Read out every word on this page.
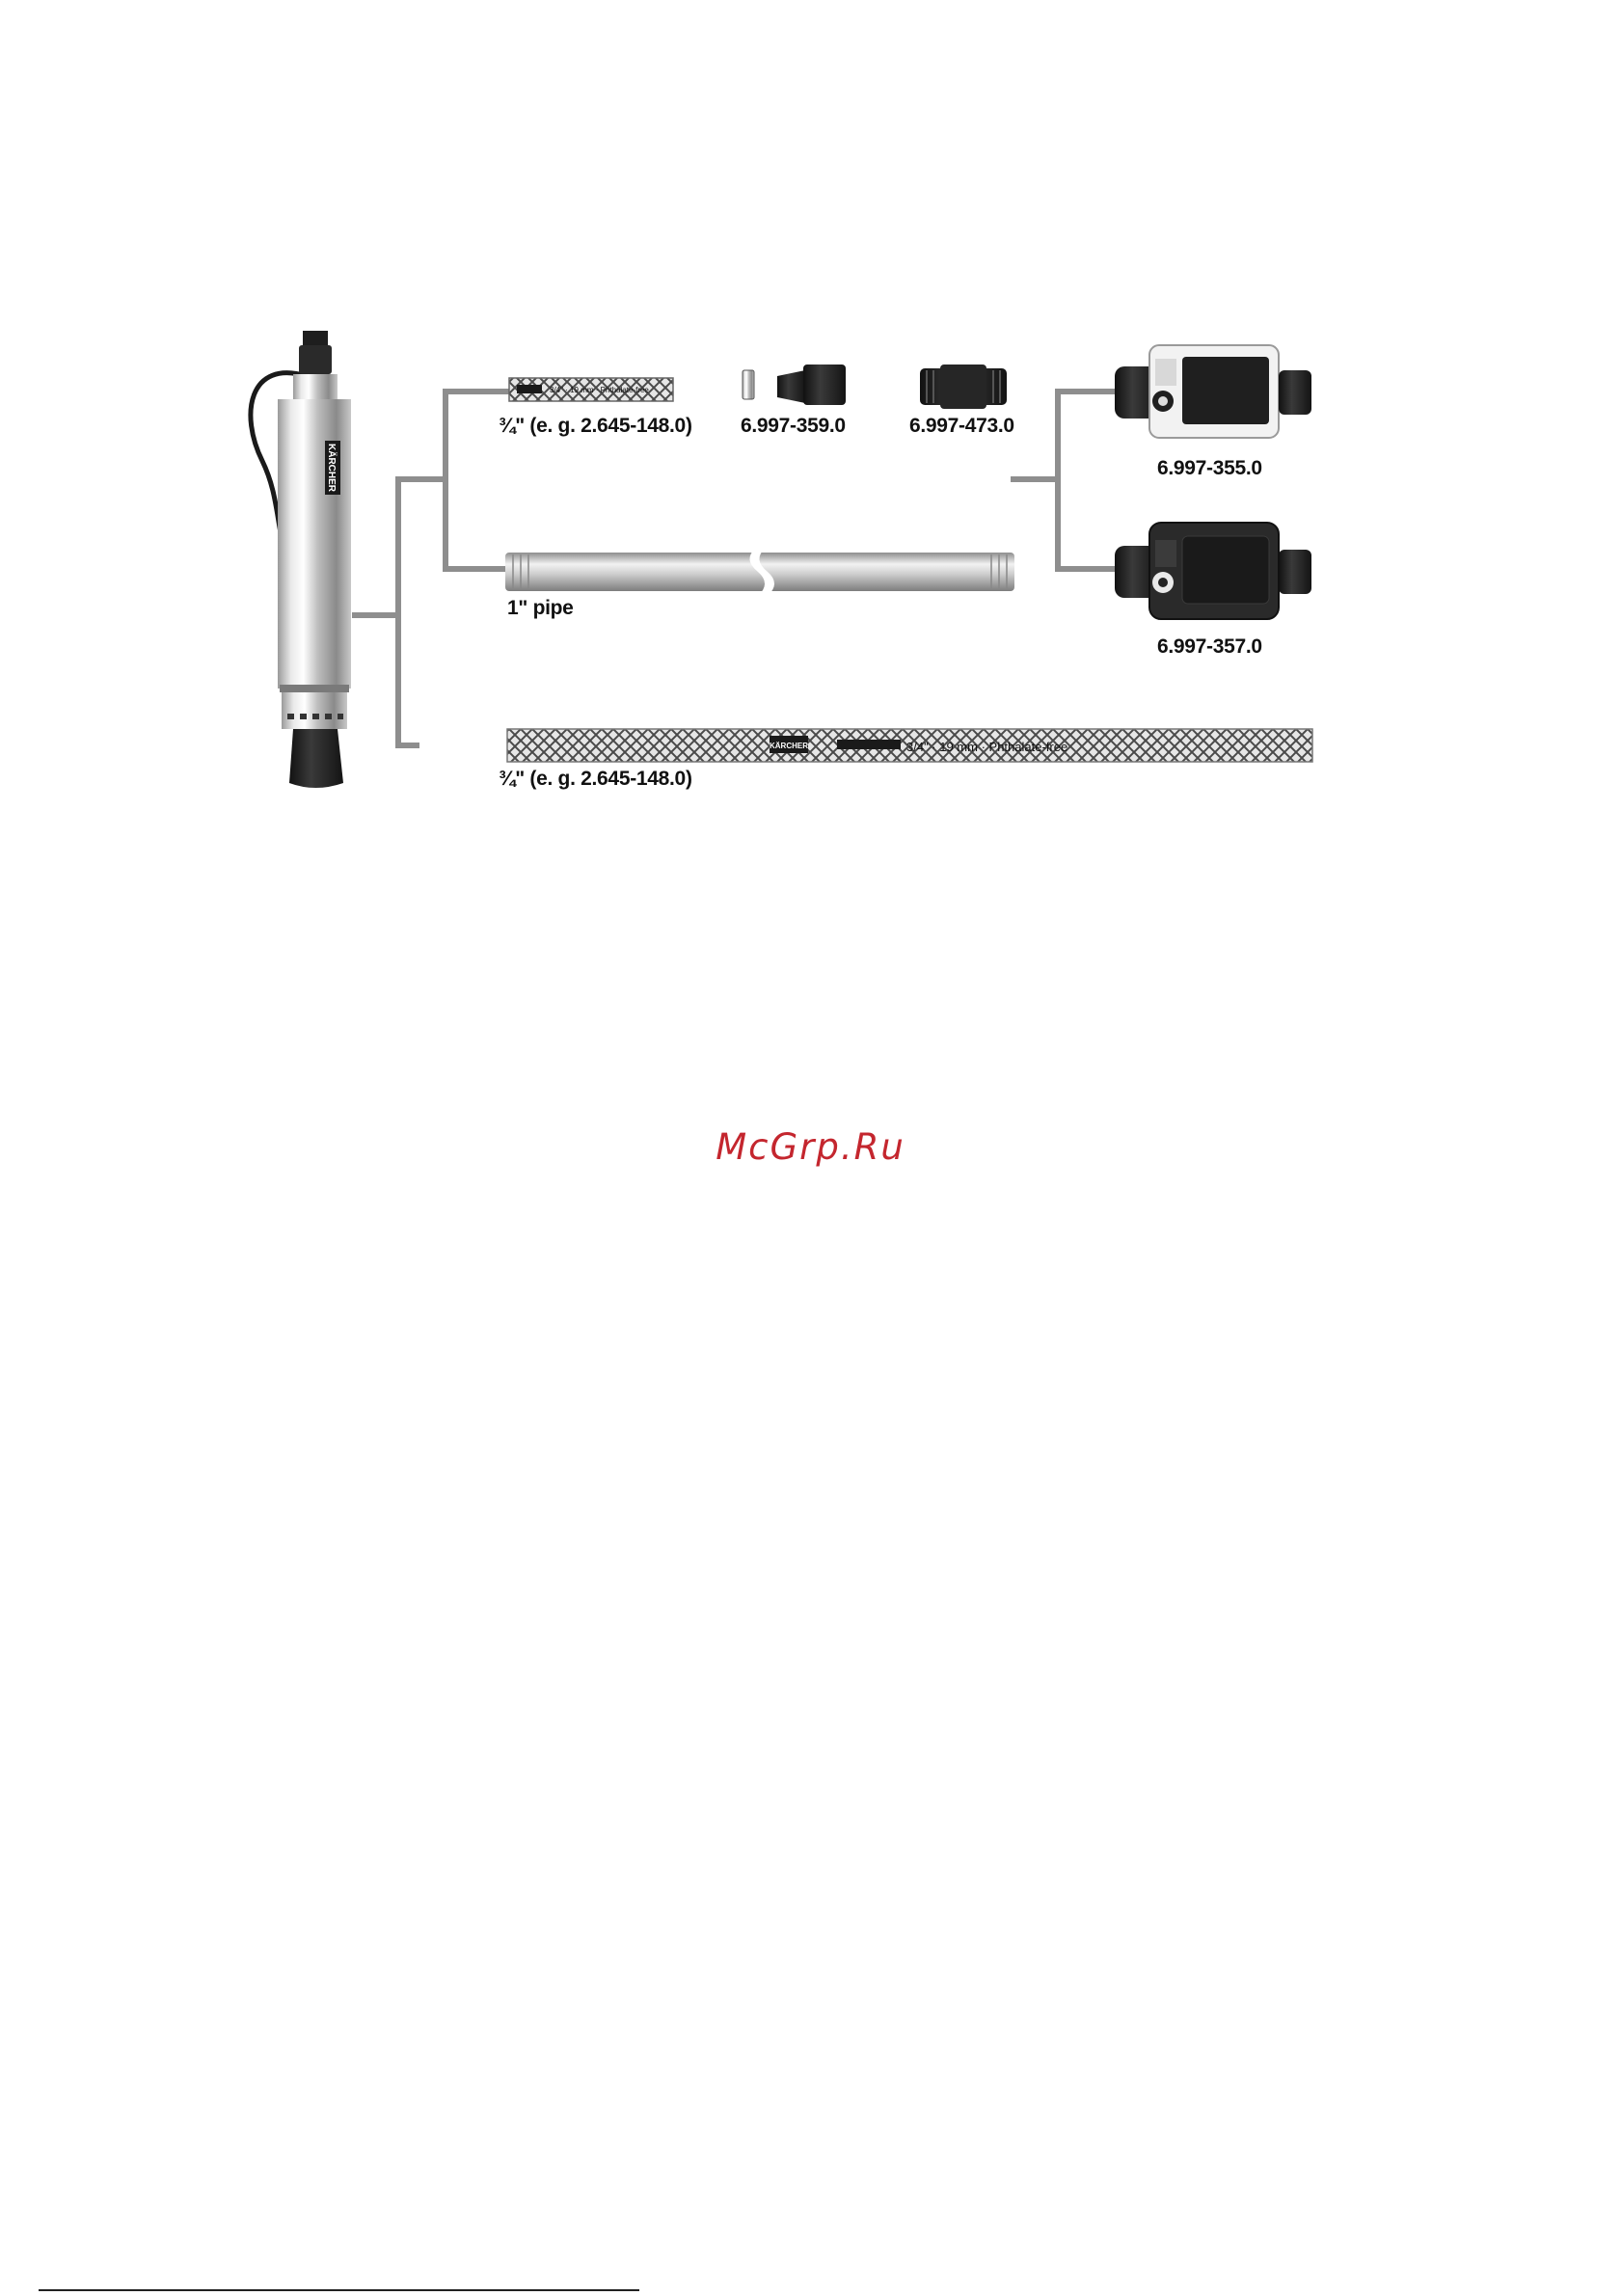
KÄRCHER
3/4" · 19 mm · Phthalate-free
KÄRCHER	3/4" · 19 mm · Phthalate-free
¾" (e. g. 2.645-148.0) 6.997-359.0	6.997-473.0
6.997-355.0
1" pipe
6.997-357.0
¾" (e. g. 2.645-148.0)
McGrp.Ru
